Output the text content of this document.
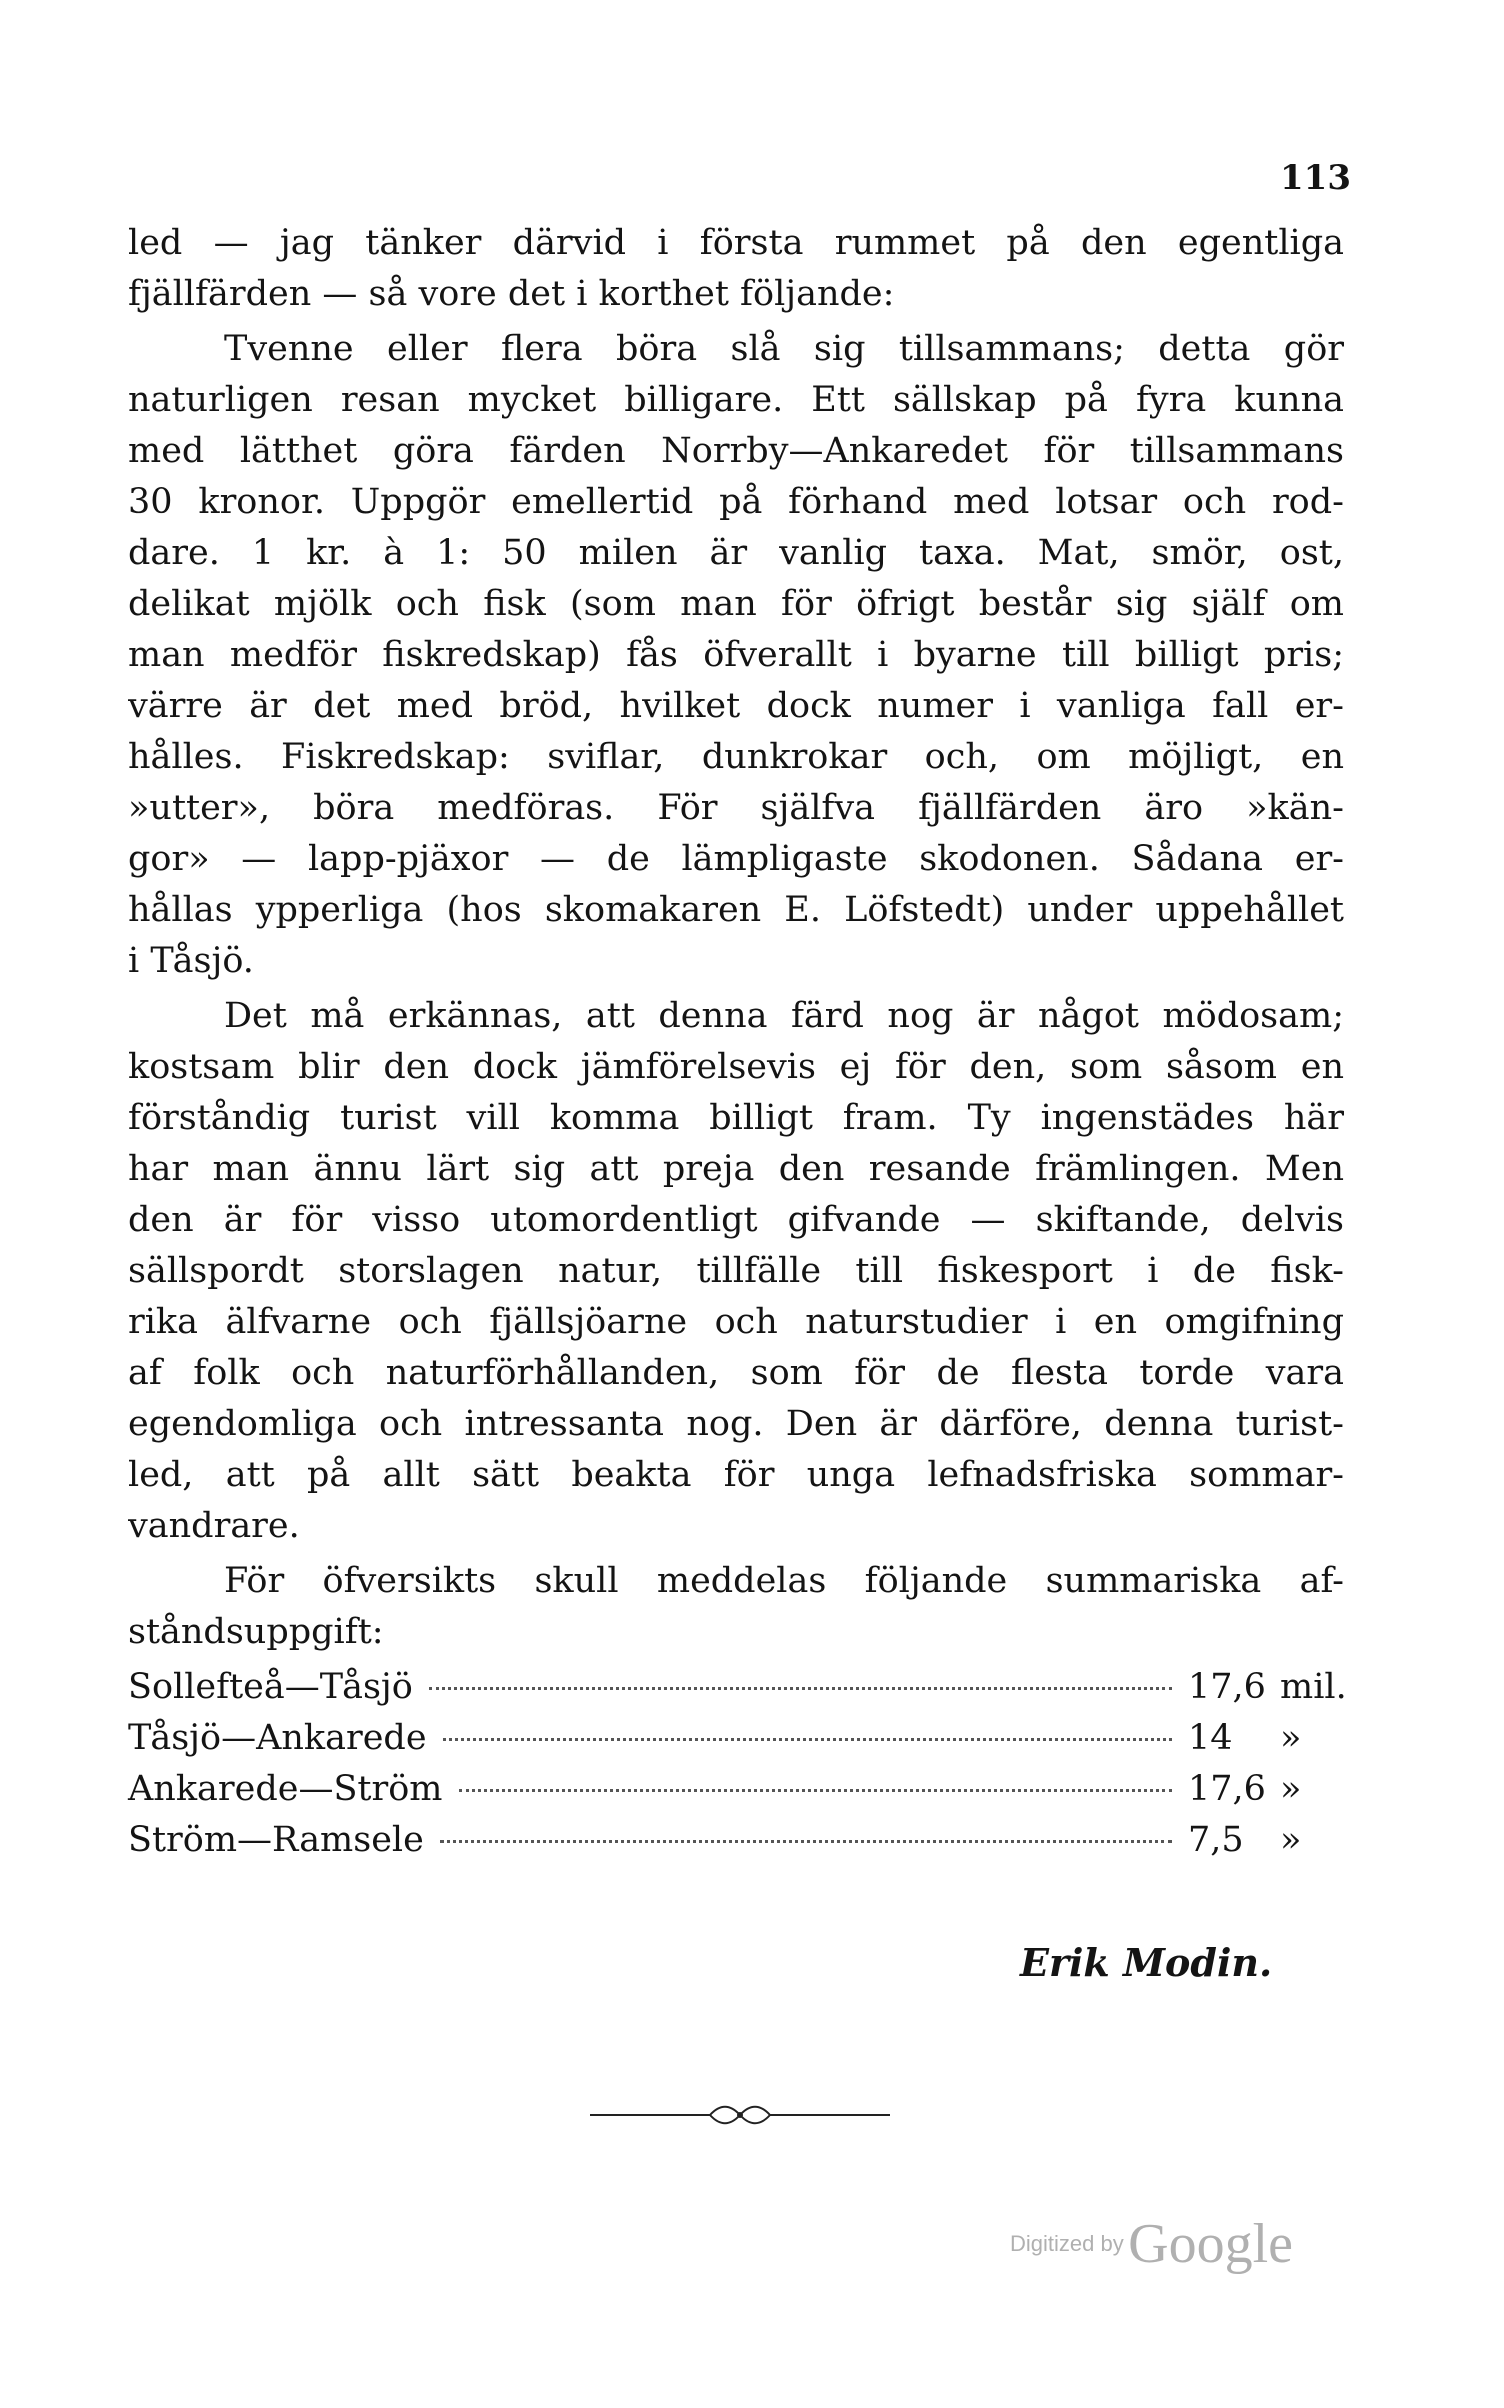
113
led — jag tänker därvid i första rummet på den egentliga
fjällfärden — så vore det i korthet följande:
Tvenne eller flera böra slå sig tillsammans; detta gör
naturligen resan mycket billigare. Ett sällskap på fyra kunna
med lätthet göra färden Norrby—Ankaredet för tillsammans
30 kronor. Uppgör emellertid på förhand med lotsar och rod-
dare. 1 kr. à 1: 50 milen är vanlig taxa. Mat, smör, ost,
delikat mjölk och fisk (som man för öfrigt består sig själf om
man medför fiskredskap) fås öfverallt i byarne till billigt pris;
värre är det med bröd, hvilket dock numer i vanliga fall er-
hålles. Fiskredskap: sviflar, dunkrokar och, om möjligt, en
»utter», böra medföras. För själfva fjällfärden äro »kän-
gor» — lapp-pjäxor — de lämpligaste skodonen. Sådana er-
hållas ypperliga (hos skomakaren E. Löfstedt) under uppehållet
i Tåsjö.
Det må erkännas, att denna färd nog är något mödosam;
kostsam blir den dock jämförelsevis ej för den, som såsom en
förståndig turist vill komma billigt fram. Ty ingenstädes här
har man ännu lärt sig att preja den resande främlingen. Men
den är för visso utomordentligt gifvande — skiftande, delvis
sällspordt storslagen natur, tillfälle till fiskesport i de fisk-
rika älfvarne och fjällsjöarne och naturstudier i en omgifning
af folk och naturförhållanden, som för de flesta torde vara
egendomliga och intressanta nog. Den är därföre, denna turist-
led, att på allt sätt beakta för unga lefnadsfriska sommar-
vandrare.
För öfversikts skull meddelas följande summariska af-
ståndsuppgift:
Sollefteå—Tåsjö	17,6 mil.
Tåsjö—Ankarede	14	»
Ankarede—Ström	17,6 »
Ström—Ramsele	7,5	»
Erik Modin.
Digitized by Google
